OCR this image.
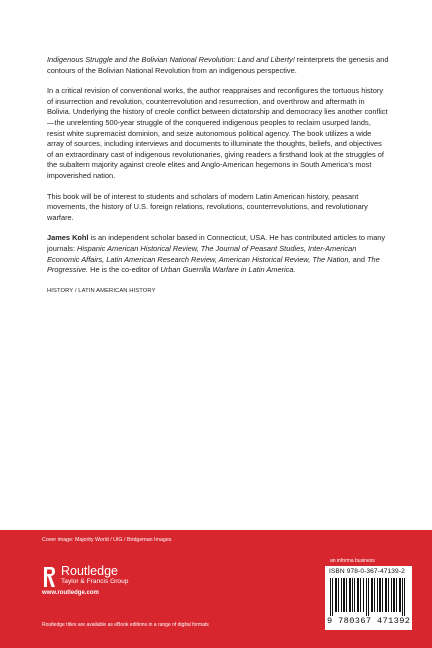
Indigenous Struggle and the Bolivian National Revolution: Land and Liberty! reinterprets the genesis and contours of the Bolivian National Revolution from an indigenous perspective.

In a critical revision of conventional works, the author reappraises and reconfigures the tortuous history of insurrection and revolution, counterrevolution and resurrection, and overthrow and aftermath in Bolivia. Underlying the history of creole conflict between dictatorship and democracy lies another conflict—the unrelenting 500-year struggle of the conquered indigenous peoples to reclaim usurped lands, resist white supremacist dominion, and seize autonomous political agency. The book utilizes a wide array of sources, including interviews and documents to illuminate the thoughts, beliefs, and objectives of an extraordinary cast of indigenous revolutionaries, giving readers a firsthand look at the struggles of the subaltern majority against creole elites and Anglo-American hegemons in South America’s most impoverished nation.

This book will be of interest to students and scholars of modern Latin American history, peasant movements, the history of U.S. foreign relations, revolutions, counterrevolutions, and revolutionary warfare.

James Kohl is an independent scholar based in Connecticut, USA. He has contributed articles to many journals: Hispanic American Historical Review, The Journal of Peasant Studies, Inter-American Economic Affairs, Latin American Research Review, American Historical Review, The Nation, and The Progressive. He is the co-editor of Urban Guerrilla Warfare in Latin America.

HISTORY / LATIN AMERICAN HISTORY
Cover image: Majority World / UIG / Bridgeman Images
Routledge
Taylor & Francis Group
www.routledge.com
Routledge titles are available as eBook editions in a range of digital formats
an informa business
ISBN 978-0-367-47139-2
9 780367 471392
